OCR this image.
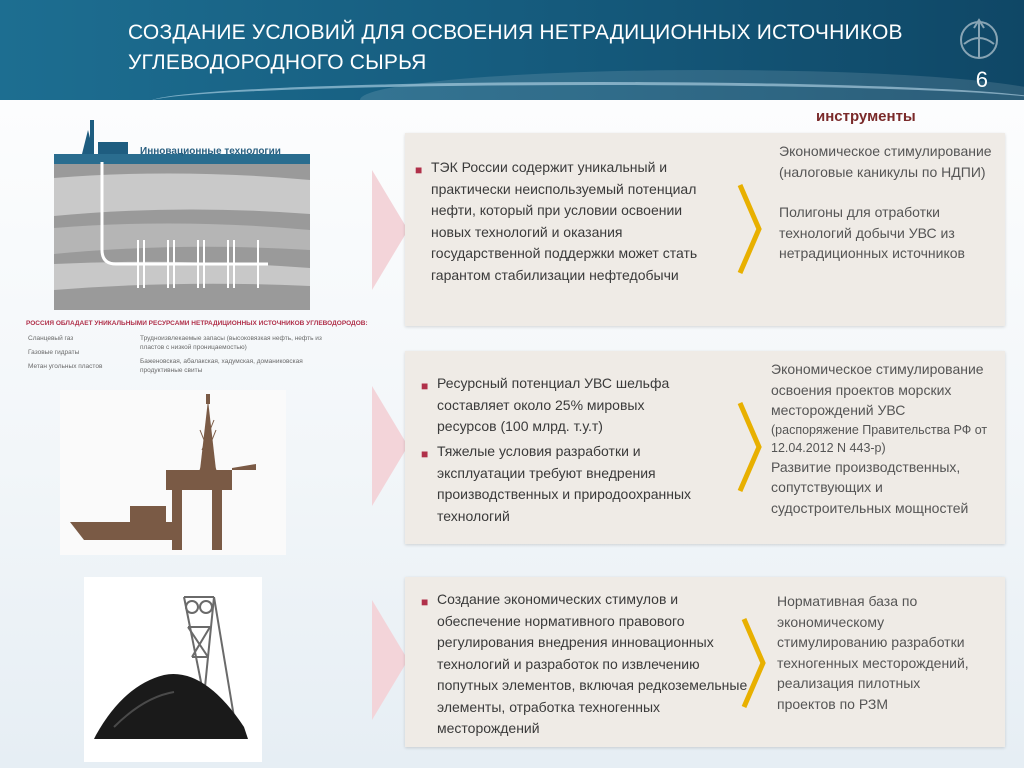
СОЗДАНИЕ УСЛОВИЙ ДЛЯ ОСВОЕНИЯ НЕТРАДИЦИОННЫХ ИСТОЧНИКОВ УГЛЕВОДОРОДНОГО СЫРЬЯ
6
инструменты
Инновационные технологии
РОССИЯ ОБЛАДАЕТ УНИКАЛЬНЫМИ РЕСУРСАМИ НЕТРАДИЦИОННЫХ ИСТОЧНИКОВ УГЛЕВОДОРОДОВ:
Сланцевый газ
Газовые гидраты
Метан угольных пластов
Трудноизвлекаемые запасы (высоковязкая нефть, нефть из пластов с низкой проницаемостью)
Баженовская, абалакская, хадумская, доманиковская продуктивные свиты
■ ТЭК России содержит уникальный и практически неиспользуемый потенциал нефти, который при условии освоении новых технологий и оказания государственной поддержки может стать гарантом стабилизации нефтедобычи
Экономическое стимулирование (налоговые каникулы по НДПИ)
Полигоны для отработки технологий добычи УВС из нетрадиционных источников
■ Ресурсный потенциал УВС шельфа составляет около 25% мировых ресурсов (100 млрд. т.у.т)
■ Тяжелые условия разработки и эксплуатации требуют внедрения производственных и природоохранных технологий
Экономическое стимулирование освоения проектов морских месторождений УВС
(распоряжение Правительства РФ от 12.04.2012 N 443-р)
Развитие производственных, сопутствующих и судостроительных мощностей
■ Создание экономических стимулов и обеспечение нормативного правового регулирования внедрения инновационных технологий и разработок по извлечению попутных элементов, включая редкоземельные элементы, отработка техногенных месторождений
Нормативная база по экономическому стимулированию разработки техногенных месторождений, реализация пилотных проектов по РЗМ
